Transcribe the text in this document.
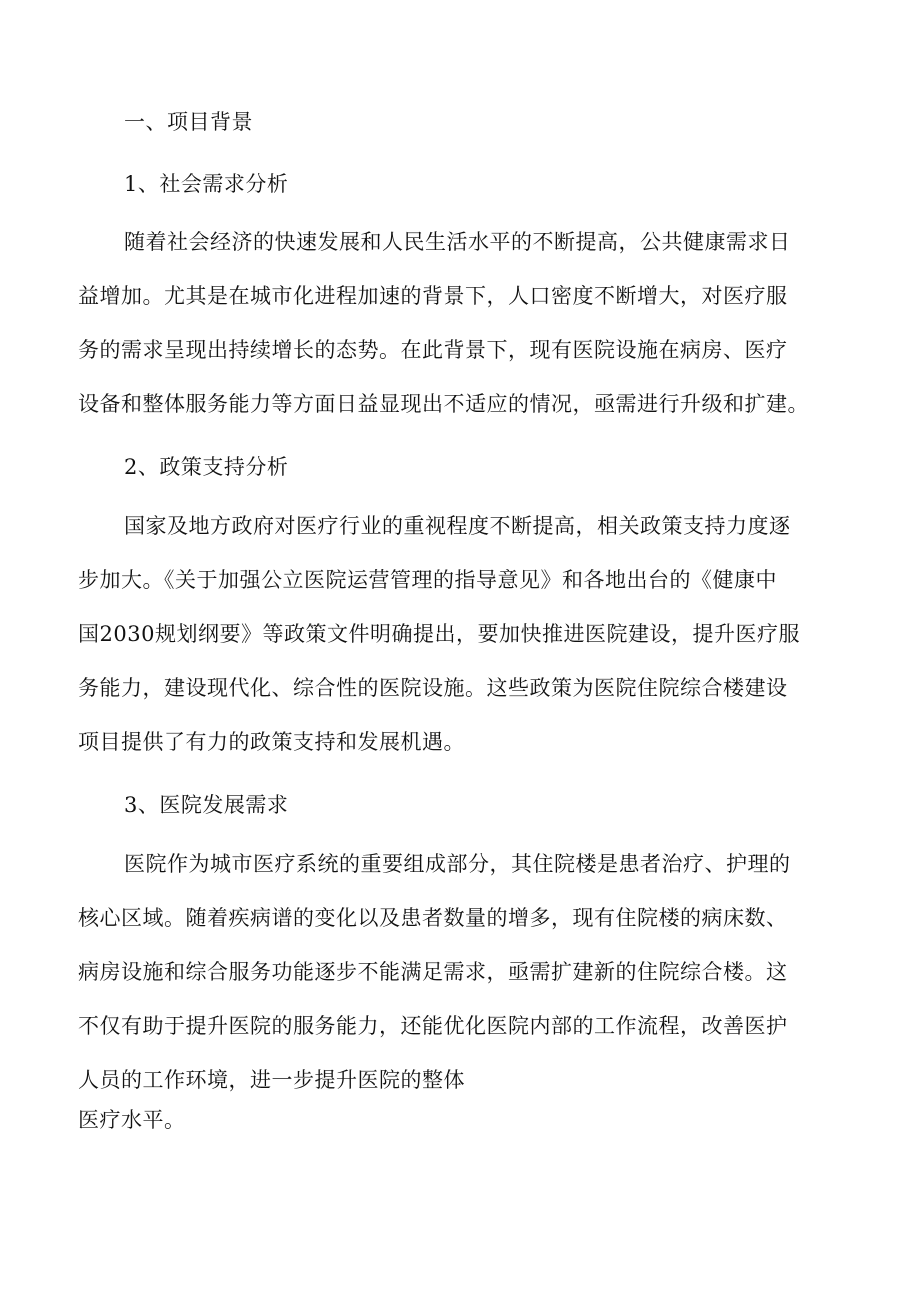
一、项目背景
1、社会需求分析
随着社会经济的快速发展和人民生活水平的不断提高，公共健康需求日
益增加。尤其是在城市化进程加速的背景下，人口密度不断增大，对医疗服
务的需求呈现出持续增长的态势。在此背景下，现有医院设施在病房、医疗
设备和整体服务能力等方面日益显现出不适应的情况，亟需进行升级和扩建。
2、政策支持分析
国家及地方政府对医疗行业的重视程度不断提高，相关政策支持力度逐
步加大。《关于加强公立医院运营管理的指导意见》和各地出台的《健康中
国2030规划纲要》等政策文件明确提出，要加快推进医院建设，提升医疗服
务能力，建设现代化、综合性的医院设施。这些政策为医院住院综合楼建设
项目提供了有力的政策支持和发展机遇。
3、医院发展需求
医院作为城市医疗系统的重要组成部分，其住院楼是患者治疗、护理的
核心区域。随着疾病谱的变化以及患者数量的增多，现有住院楼的病床数、
病房设施和综合服务功能逐步不能满足需求，亟需扩建新的住院综合楼。这
不仅有助于提升医院的服务能力，还能优化医院内部的工作流程，改善医护
人员的工作环境，进一步提升医院的整体
医疗水平。
